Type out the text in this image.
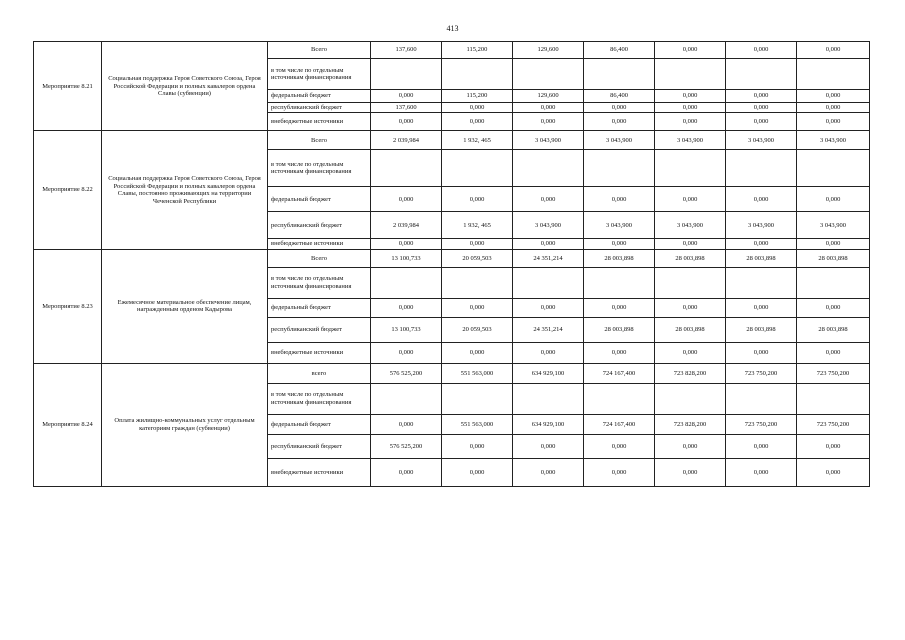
413
Мероприятие 8.21	Социальная поддержка Героя Советского Союза, Героя Российской Федерации и полных кавалеров ордена Славы (субвенции)	Всего	137,600	115,200	129,600	86,400	0,000	0,000	0,000
		в том числе по отдельным источникам финансирования							
		федеральный бюджет	0,000	115,200	129,600	86,400	0,000	0,000	0,000
		республиканский бюджет	137,600	0,000	0,000	0,000	0,000	0,000	0,000
		внебюджетные источники	0,000	0,000	0,000	0,000	0,000	0,000	0,000
Мероприятие 8.22	Социальная поддержка Героя Советского Союза, Героя Российской Федерации и полных кавалеров ордена Славы, постоянно проживающих на территории Чеченской Республики	Всего	2 039,984	1 932, 465	3 043,900	3 043,900	3 043,900	3 043,900	3 043,900
		в том числе по отдельным источникам финансирования							
		федеральный бюджет	0,000	0,000	0,000	0,000	0,000	0,000	0,000
		республиканский бюджет	2 039,984	1 932, 465	3 043,900	3 043,900	3 043,900	3 043,900	3 043,900
		внебюджетные источники	0,000	0,000	0,000	0,000	0,000	0,000	0,000
Мероприятие 8.23	Ежемесячное материальное обеспечение лицам, награжденным орденом Кадырова	Всего	13 100,733	20 059,503	24 351,214	28 003,898	28 003,898	28 003,898	28 003,898
		в том числе по отдельным источникам финансирования							
		федеральный бюджет	0,000	0,000	0,000	0,000	0,000	0,000	0,000
		республиканский бюджет	13 100,733	20 059,503	24 351,214	28 003,898	28 003,898	28 003,898	28 003,898
		внебюджетные источники	0,000	0,000	0,000	0,000	0,000	0,000	0,000
Мероприятие 8.24	Оплата жилищно-коммунальных услуг отдельным категориям граждан (субвенции)	всего	576 525,200	551 563,000	634 929,100	724 167,400	723 828,200	723 750,200	723 750,200
		в том числе по отдельным источникам финансирования							
		федеральный бюджет	0,000	551 563,000	634 929,100	724 167,400	723 828,200	723 750,200	723 750,200
		республиканский бюджет	576 525,200	0,000	0,000	0,000	0,000	0,000	0,000
		внебюджетные источники	0,000	0,000	0,000	0,000	0,000	0,000	0,000
